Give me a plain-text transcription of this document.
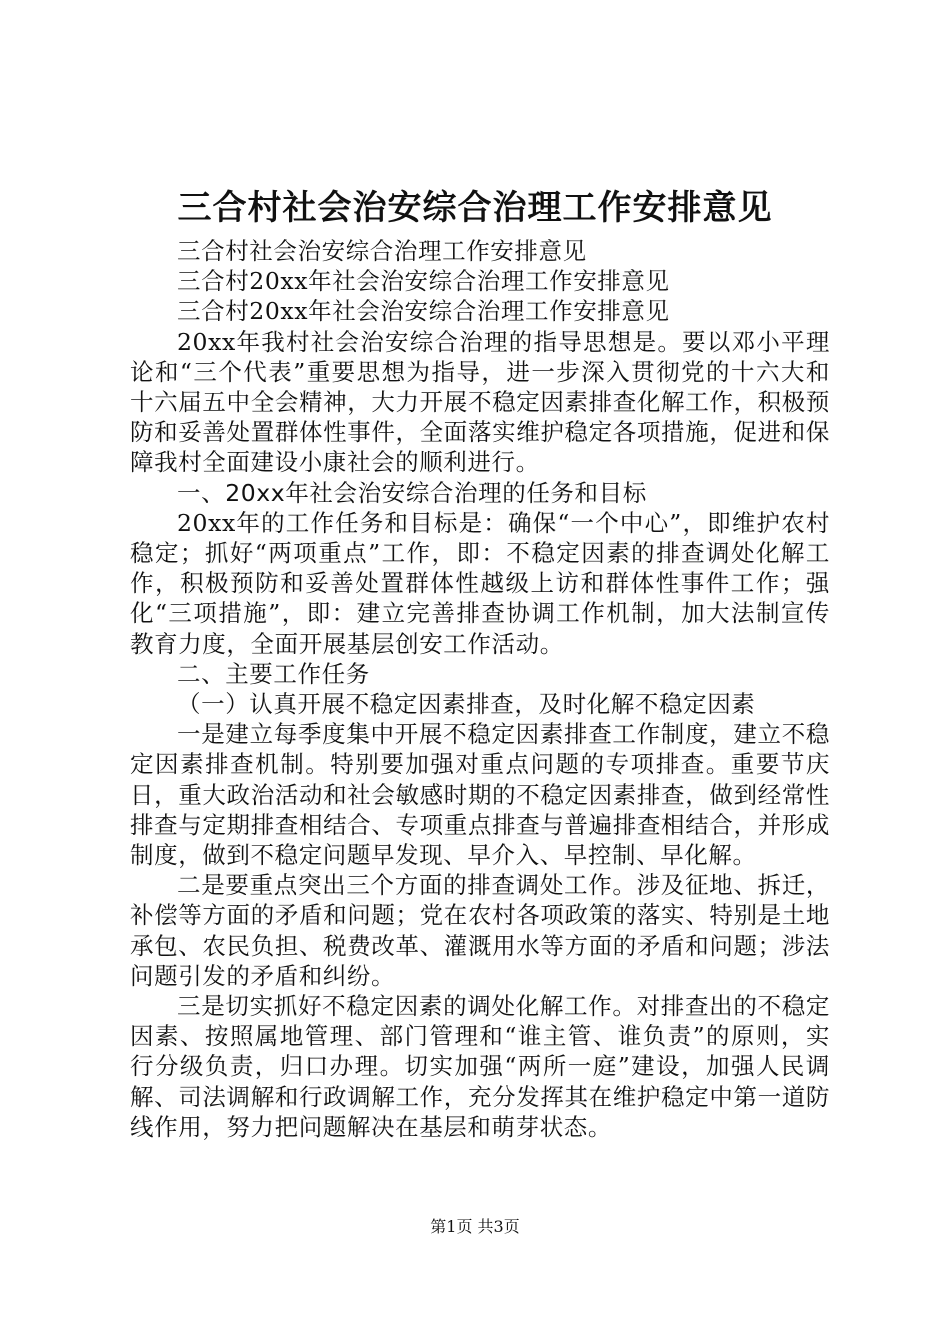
三合村社会治安综合治理工作安排意见

三合村社会治安综合治理工作安排意见

三合村20xx年社会治安综合治理工作安排意见

三合村20xx年社会治安综合治理工作安排意见

20xx年我村社会治安综合治理的指导思想是。要以邓小平理论和“三个代表”重要思想为指导，进一步深入贯彻党的十六大和十六届五中全会精神，大力开展不稳定因素排查化解工作，积极预防和妥善处置群体性事件，全面落实维护稳定各项措施，促进和保障我村全面建设小康社会的顺利进行。

一、20xx年社会治安综合治理的任务和目标

20xx年的工作任务和目标是：确保“一个中心”，即维护农村稳定；抓好“两项重点”工作，即：不稳定因素的排查调处化解工作，积极预防和妥善处置群体性越级上访和群体性事件工作；强化“三项措施”，即：建立完善排查协调工作机制，加大法制宣传教育力度，全面开展基层创安工作活动。

二、主要工作任务

（一）认真开展不稳定因素排查，及时化解不稳定因素

一是建立每季度集中开展不稳定因素排查工作制度，建立不稳定因素排查机制。特别要加强对重点问题的专项排查。重要节庆日，重大政治活动和社会敏感时期的不稳定因素排查，做到经常性排查与定期排查相结合、专项重点排查与普遍排查相结合，并形成制度，做到不稳定问题早发现、早介入、早控制、早化解。

二是要重点突出三个方面的排查调处工作。涉及征地、拆迁，补偿等方面的矛盾和问题；党在农村各项政策的落实、特别是土地承包、农民负担、税费改革、灌溉用水等方面的矛盾和问题；涉法问题引发的矛盾和纠纷。

三是切实抓好不稳定因素的调处化解工作。对排查出的不稳定因素、按照属地管理、部门管理和“谁主管、谁负责”的原则，实行分级负责，归口办理。切实加强“两所一庭”建设，加强人民调解、司法调解和行政调解工作，充分发挥其在维护稳定中第一道防线作用，努力把问题解决在基层和萌芽状态。

第1页 共3页
